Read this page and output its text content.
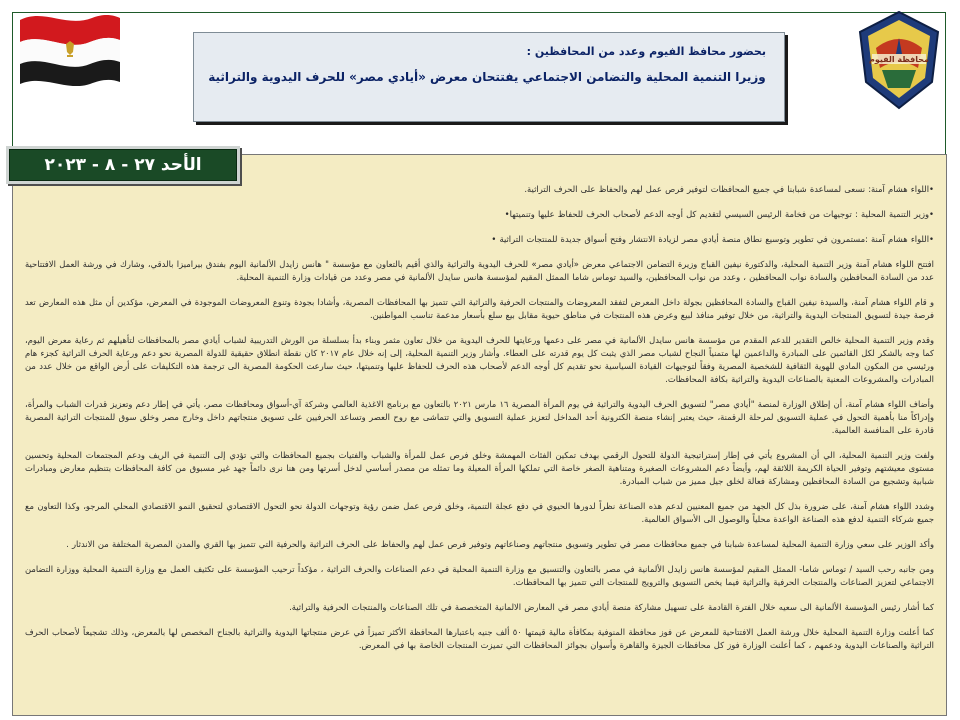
بحضور محافظ الفيوم وعدد من المحافظين :

وزيرا التنمية المحلية والتضامن الاجتماعي يفتتحان معرض «أيادي مصر» للحرف اليدوية والتراثية

محافظة الفيوم

•اللواء هشام آمنة: نسعى لمساعدة شبابنا في جميع المحافظات لتوفير فرص عمل لهم والحفاظ على الحرف التراثية.

•وزير التنمية المحلية : توجيهات من فخامة الرئيس السيسي لتقديم كل أوجه الدعم لأصحاب الحرف للحفاظ عليها وتنميتها•

•اللواء هشام آمنة :مستمرون في تطوير وتوسيع نطاق منصة أيادي مصر لزيادة الانتشار وفتح أسواق جديدة للمنتجات التراثية •

افتتح اللواء هشام آمنة وزير التنمية المحلية، والدكتورة نيفين القباج وزيرة التضامن الاجتماعي معرض «أيادي مصر» للحرف اليدوية والتراثية والذي أقيم بالتعاون مع مؤسسة " هانس زايدل الألمانية اليوم بفندق بيراميزا بالدقي، وشارك في ورشة العمل الافتتاحية عدد من السادة المحافظين والسادة نواب المحافظين ، وعدد من نواب المحافظين، والسيد توماس شاما الممثل المقيم لمؤسسة هانس سايدل الألمانية في مصر وعدد من قيادات وزارة التنمية المحلية.

و قام اللواء هشام آمنة، والسيدة نيفين القباج والسادة المحافظين بجولة داخل المعرض لتفقد المعروضات والمنتجات الحرفية والتراثية التي تتميز بها المحافظات المصرية، وأشادا بجودة وتنوع المعروضات الموجودة في المعرض، مؤكدين أن مثل هذه المعارض تعد فرصة جيدة لتسويق المنتجات اليدوية والتراثية، من خلال توفير منافذ لبيع وعرض هذه المنتجات في مناطق حيوية مقابل بيع سلع بأسعار مدعمة تناسب المواطنين.

وقدم وزير التنمية المحلية خالص التقدير للدعم المقدم من مؤسسة هانس سايدل الألمانية في مصر على دعمها ورعايتها للحرف اليدوية من خلال تعاون مثمر وبناء بدأ بسلسلة من الورش التدريبية لشباب أيادي مصر بالمحافظات لتأهيلهم ثم رعاية معرض اليوم، كما وجه بالشكر لكل القائمين على المبادرة والداعمين لها متمنياً النجاح لشباب مصر الذي يثبت كل يوم قدرته على العطاء. وأشار وزير التنمية المحلية، إلى إنه خلال عام ٢٠١٧ كان نقطة انطلاق حقيقية للدولة المصرية نحو دعم ورعاية الحرف التراثية كجزء هام ورئيسي من المكون المادي للهوية الثقافية للشخصية المصرية وفقاً لتوجيهات القيادة السياسية نحو تقديم كل أوجه الدعم لأصحاب هذه الحرف للحفاظ عليها وتنميتها، حيث سارعت الحكومة المصرية الى ترجمة هذه التكليفات على أرض الواقع من خلال عدد من المبادرات والمشروعات المعنية بالصناعات اليدوية والتراثية بكافة المحافظات.

وأضاف اللواء هشام آمنة، أن إطلاق الوزارة لمنصة "أيادي مصر" لتسويق الحرف اليدوية والتراثية في يوم المرأة المصرية ١٦ مارس ٢٠٢١ بالتعاون مع برنامج الاغذية العالمي وشركة آي-أسواق ومحافظات مصر، يأتي في إطار دعم وتعزيز قدرات الشباب والمرأة، وإدراكاً منا بأهمية التحول في عملية التسويق لمرحلة الرقمنة، حيث يعتبر إنشاء منصة الكترونية أحد المداخل لتعزيز عملية التسويق والتي تتماشى مع روح العصر وتساعد الحرفيين على تسويق منتجاتهم داخل وخارج مصر وخلق سوق للمنتجات التراثية المصرية قادرة على المنافسة العالمية.

ولفت وزير التنمية المحلية، الي أن المشروع يأتي في إطار إستراتيجية الدولة للتحول الرقمي بهدف تمكين الفئات المهمشة وخلق فرص عمل للمرأة والشباب والفتيات بجميع المحافظات والتي تؤدي إلى التنمية في الريف ودعم المجتمعات المحلية وتحسين مستوى معيشتهم وتوفير الحياة الكريمة اللائقة لهم، وأيضاً دعم المشروعات الصغيرة ومتناهية الصغر خاصة التي تملكها المرأة المعيلة وما تمثله من مصدر أساسي لدخل أسرتها ومن هنا نرى دائماً جهد غير مسبوق من كافة المحافظات بتنظيم معارض ومبادرات شبابية وتشجيع من السادة المحافظين ومشاركة فعالة لخلق جيل مميز من شباب المبادرة.

وشدد اللواء هشام آمنة، على ضرورة بذل كل الجهد من جميع المعنيين لدعم هذه الصناعة نظراً لدورها الحيوي في دفع عجلة التنمية، وخلق فرص عمل ضمن رؤية وتوجهات الدولة نحو التحول الاقتصادي لتحقيق النمو الاقتصادي المحلي المرجو، وكذا التعاون مع جميع شركاء التنمية لدفع هذه الصناعة الواعدة محلياً والوصول الى الأسواق العالمية.

وأكد الوزير على سعي وزارة التنمية المحلية لمساعدة شبابنا في جميع محافظات مصر في تطوير وتسويق منتجاتهم وصناعاتهم وتوفير فرص عمل لهم والحفاظ على الحرف التراثية والحرفية التي تتميز بها القري والمدن المصرية المختلفة من الاندثار .

ومن جانبه رحب السيد / توماس شاما- الممثل المقيم لمؤسسة هانس زايدل الألمانية في مصر بالتعاون والتنسيق مع وزارة التنمية المحلية في دعم الصناعات والحرف التراثية ، مؤكداً ترحيب المؤسسة على تكثيف العمل مع وزارة التنمية المحلية ووزارة التضامن الاجتماعي لتعزيز الصناعات والمنتجات الحرفية والتراثية فيما يخص التسويق والترويج للمنتجات التي تتميز بها المحافظات.

كما أشار رئيس المؤسسة الألمانية الى سعيه خلال الفترة القادمة على تسهيل مشاركة منصة أيادي مصر في المعارض الالمانية المتخصصة في تلك الصناعات والمنتجات الحرفية والتراثية.

كما أعلنت وزارة التنمية المحلية خلال ورشة العمل الافتتاحية للمعرض عن فوز محافظة المنوفية بمكافأة مالية قيمتها ٥٠ ألف جنيه باعتبارها المحافظة الأكثر تميزاً في عرض منتجاتها اليدوية والتراثية بالجناح المخصص لها بالمعرض، وذلك تشجيعاً لأصحاب الحرف التراثية والصناعات اليدوية ودعمهم ، كما أعلنت الوزارة فوز كل محافظات الجيزة والقاهرة وأسوان بجوائز المحافظات التي تميزت المنتجات الخاصة بها في المعرض.

الأحد ٢٧ - ٨ - ٢٠٢٣
